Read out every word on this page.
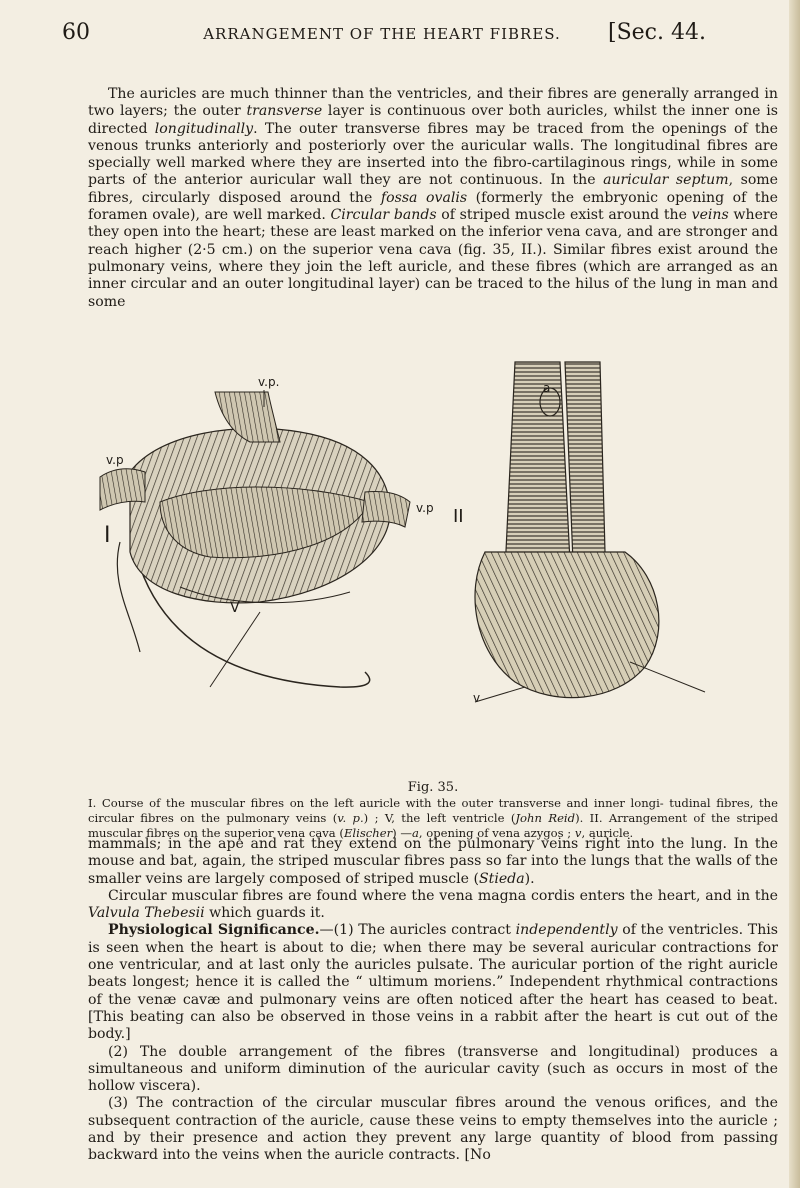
60	ARRANGEMENT OF THE HEART FIBRES.	[Sec. 44.

The auricles are much thinner than the ventricles, and their fibres are generally arranged in two layers; the outer transverse layer is continuous over both auricles, whilst the inner one is directed longitudinally. The outer transverse fibres may be traced from the openings of the venous trunks anteriorly and posteriorly over the auricular walls. The longitudinal fibres are specially well marked where they are inserted into the fibro-cartilaginous rings, while in some parts of the anterior auricular wall they are not continuous. In the auricular septum, some fibres, circularly disposed around the fossa ovalis (formerly the embryonic opening of the foramen ovale), are well marked. Circular bands of striped muscle exist around the veins where they open into the heart; these are least marked on the inferior vena cava, and are stronger and reach higher (2·5 cm.) on the superior vena cava (fig. 35, II.). Similar fibres exist around the pulmonary veins, where they join the left auricle, and these fibres (which are arranged as an inner circular and an outer longitudinal layer) can be traced to the hilus of the lung in man and some

v.p.
v.p
v.p
I
V
II
a
v
Fig. 35.

I. Course of the muscular fibres on the left auricle with the outer transverse and inner longi- tudinal fibres, the circular fibres on the pulmonary veins (v. p.) ; V, the left ventricle (John Reid). II. Arrangement of the striped muscular fibres on the superior vena cava (Elischer) —a, opening of vena azygos ; v, auricle.

mammals; in the ape and rat they extend on the pulmonary veins right into the lung. In the mouse and bat, again, the striped muscular fibres pass so far into the lungs that the walls of the smaller veins are largely composed of striped muscle (Stieda).

Circular muscular fibres are found where the vena magna cordis enters the heart, and in the Valvula Thebesii which guards it.

Physiological Significance.—(1) The auricles contract independently of the ventricles. This is seen when the heart is about to die; when there may be several auricular contractions for one ventricular, and at last only the auricles pulsate. The auricular portion of the right auricle beats longest; hence it is called the “ ultimum moriens.” Independent rhythmical contractions of the venæ cavæ and pulmonary veins are often noticed after the heart has ceased to beat. [This beating can also be observed in those veins in a rabbit after the heart is cut out of the body.]

(2) The double arrangement of the fibres (transverse and longitudinal) produces a simultaneous and uniform diminution of the auricular cavity (such as occurs in most of the hollow viscera).

(3) The contraction of the circular muscular fibres around the venous orifices, and the subsequent contraction of the auricle, cause these veins to empty themselves into the auricle ; and by their presence and action they prevent any large quantity of blood from passing backward into the veins when the auricle contracts. [No
